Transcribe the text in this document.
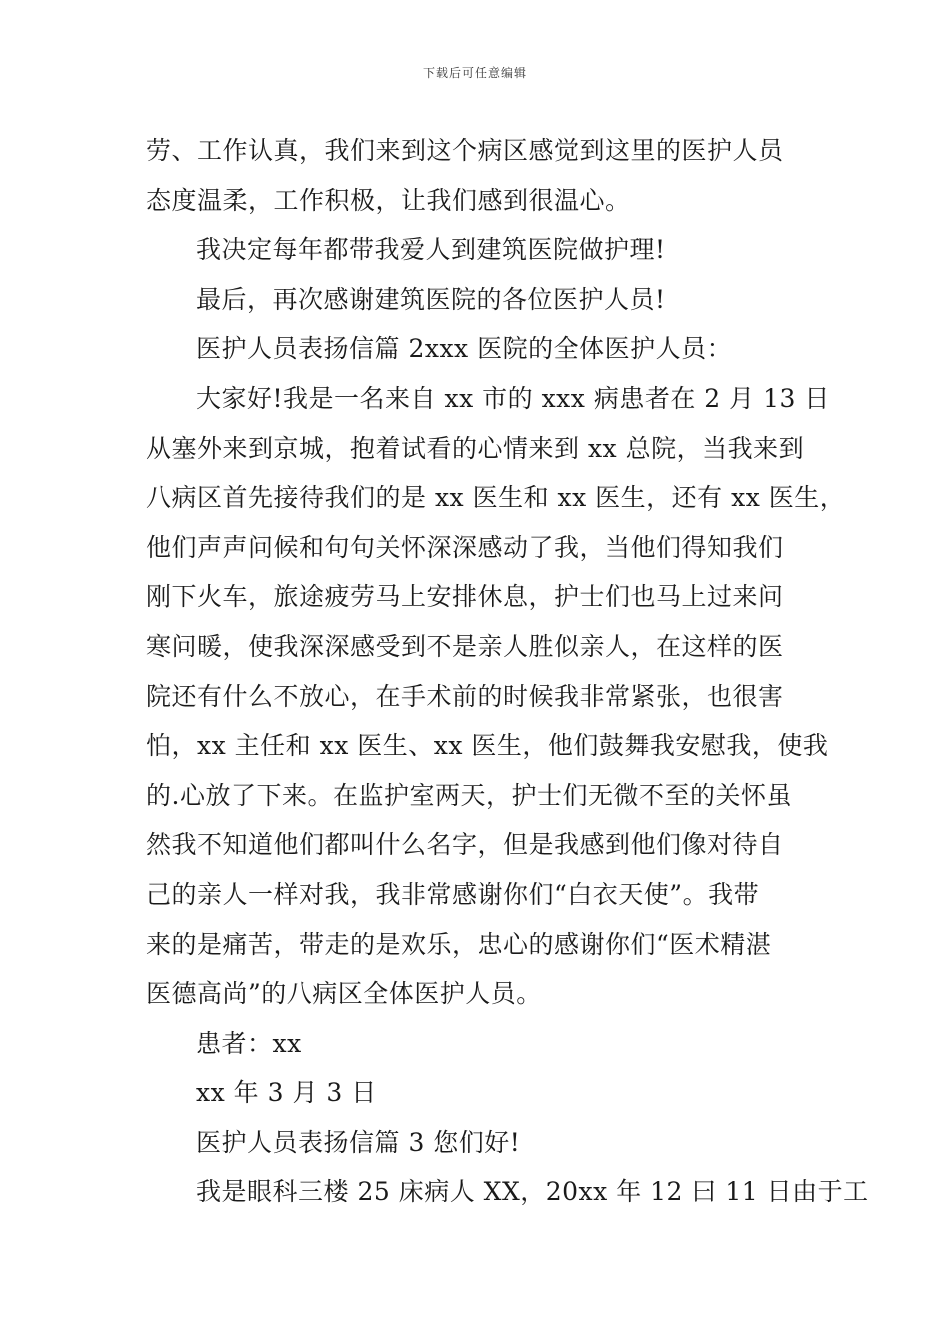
下载后可任意编辑
劳、工作认真，我们来到这个病区感觉到这里的医护人员
态度温柔，工作积极，让我们感到很温心。
我决定每年都带我爱人到建筑医院做护理!
最后，再次感谢建筑医院的各位医护人员!
医护人员表扬信篇 2xxx 医院的全体医护人员：
大家好!我是一名来自 xx 市的 xxx 病患者在 2 月 13 日
从塞外来到京城，抱着试看的心情来到 xx 总院，当我来到
八病区首先接待我们的是 xx 医生和 xx 医生，还有 xx 医生，
他们声声问候和句句关怀深深感动了我，当他们得知我们
刚下火车，旅途疲劳马上安排休息，护士们也马上过来问
寒问暖，使我深深感受到不是亲人胜似亲人，在这样的医
院还有什么不放心，在手术前的时候我非常紧张，也很害
怕，xx 主任和 xx 医生、xx 医生，他们鼓舞我安慰我，使我
的.心放了下来。在监护室两天，护士们无微不至的关怀虽
然我不知道他们都叫什么名字，但是我感到他们像对待自
己的亲人一样对我，我非常感谢你们“白衣天使”。我带
来的是痛苦，带走的是欢乐，忠心的感谢你们“医术精湛
医德高尚”的八病区全体医护人员。
患者：xx
xx 年 3 月 3 日
医护人员表扬信篇 3 您们好!
我是眼科三楼 25 床病人 XX，20xx 年 12 曰 11 日由于工
